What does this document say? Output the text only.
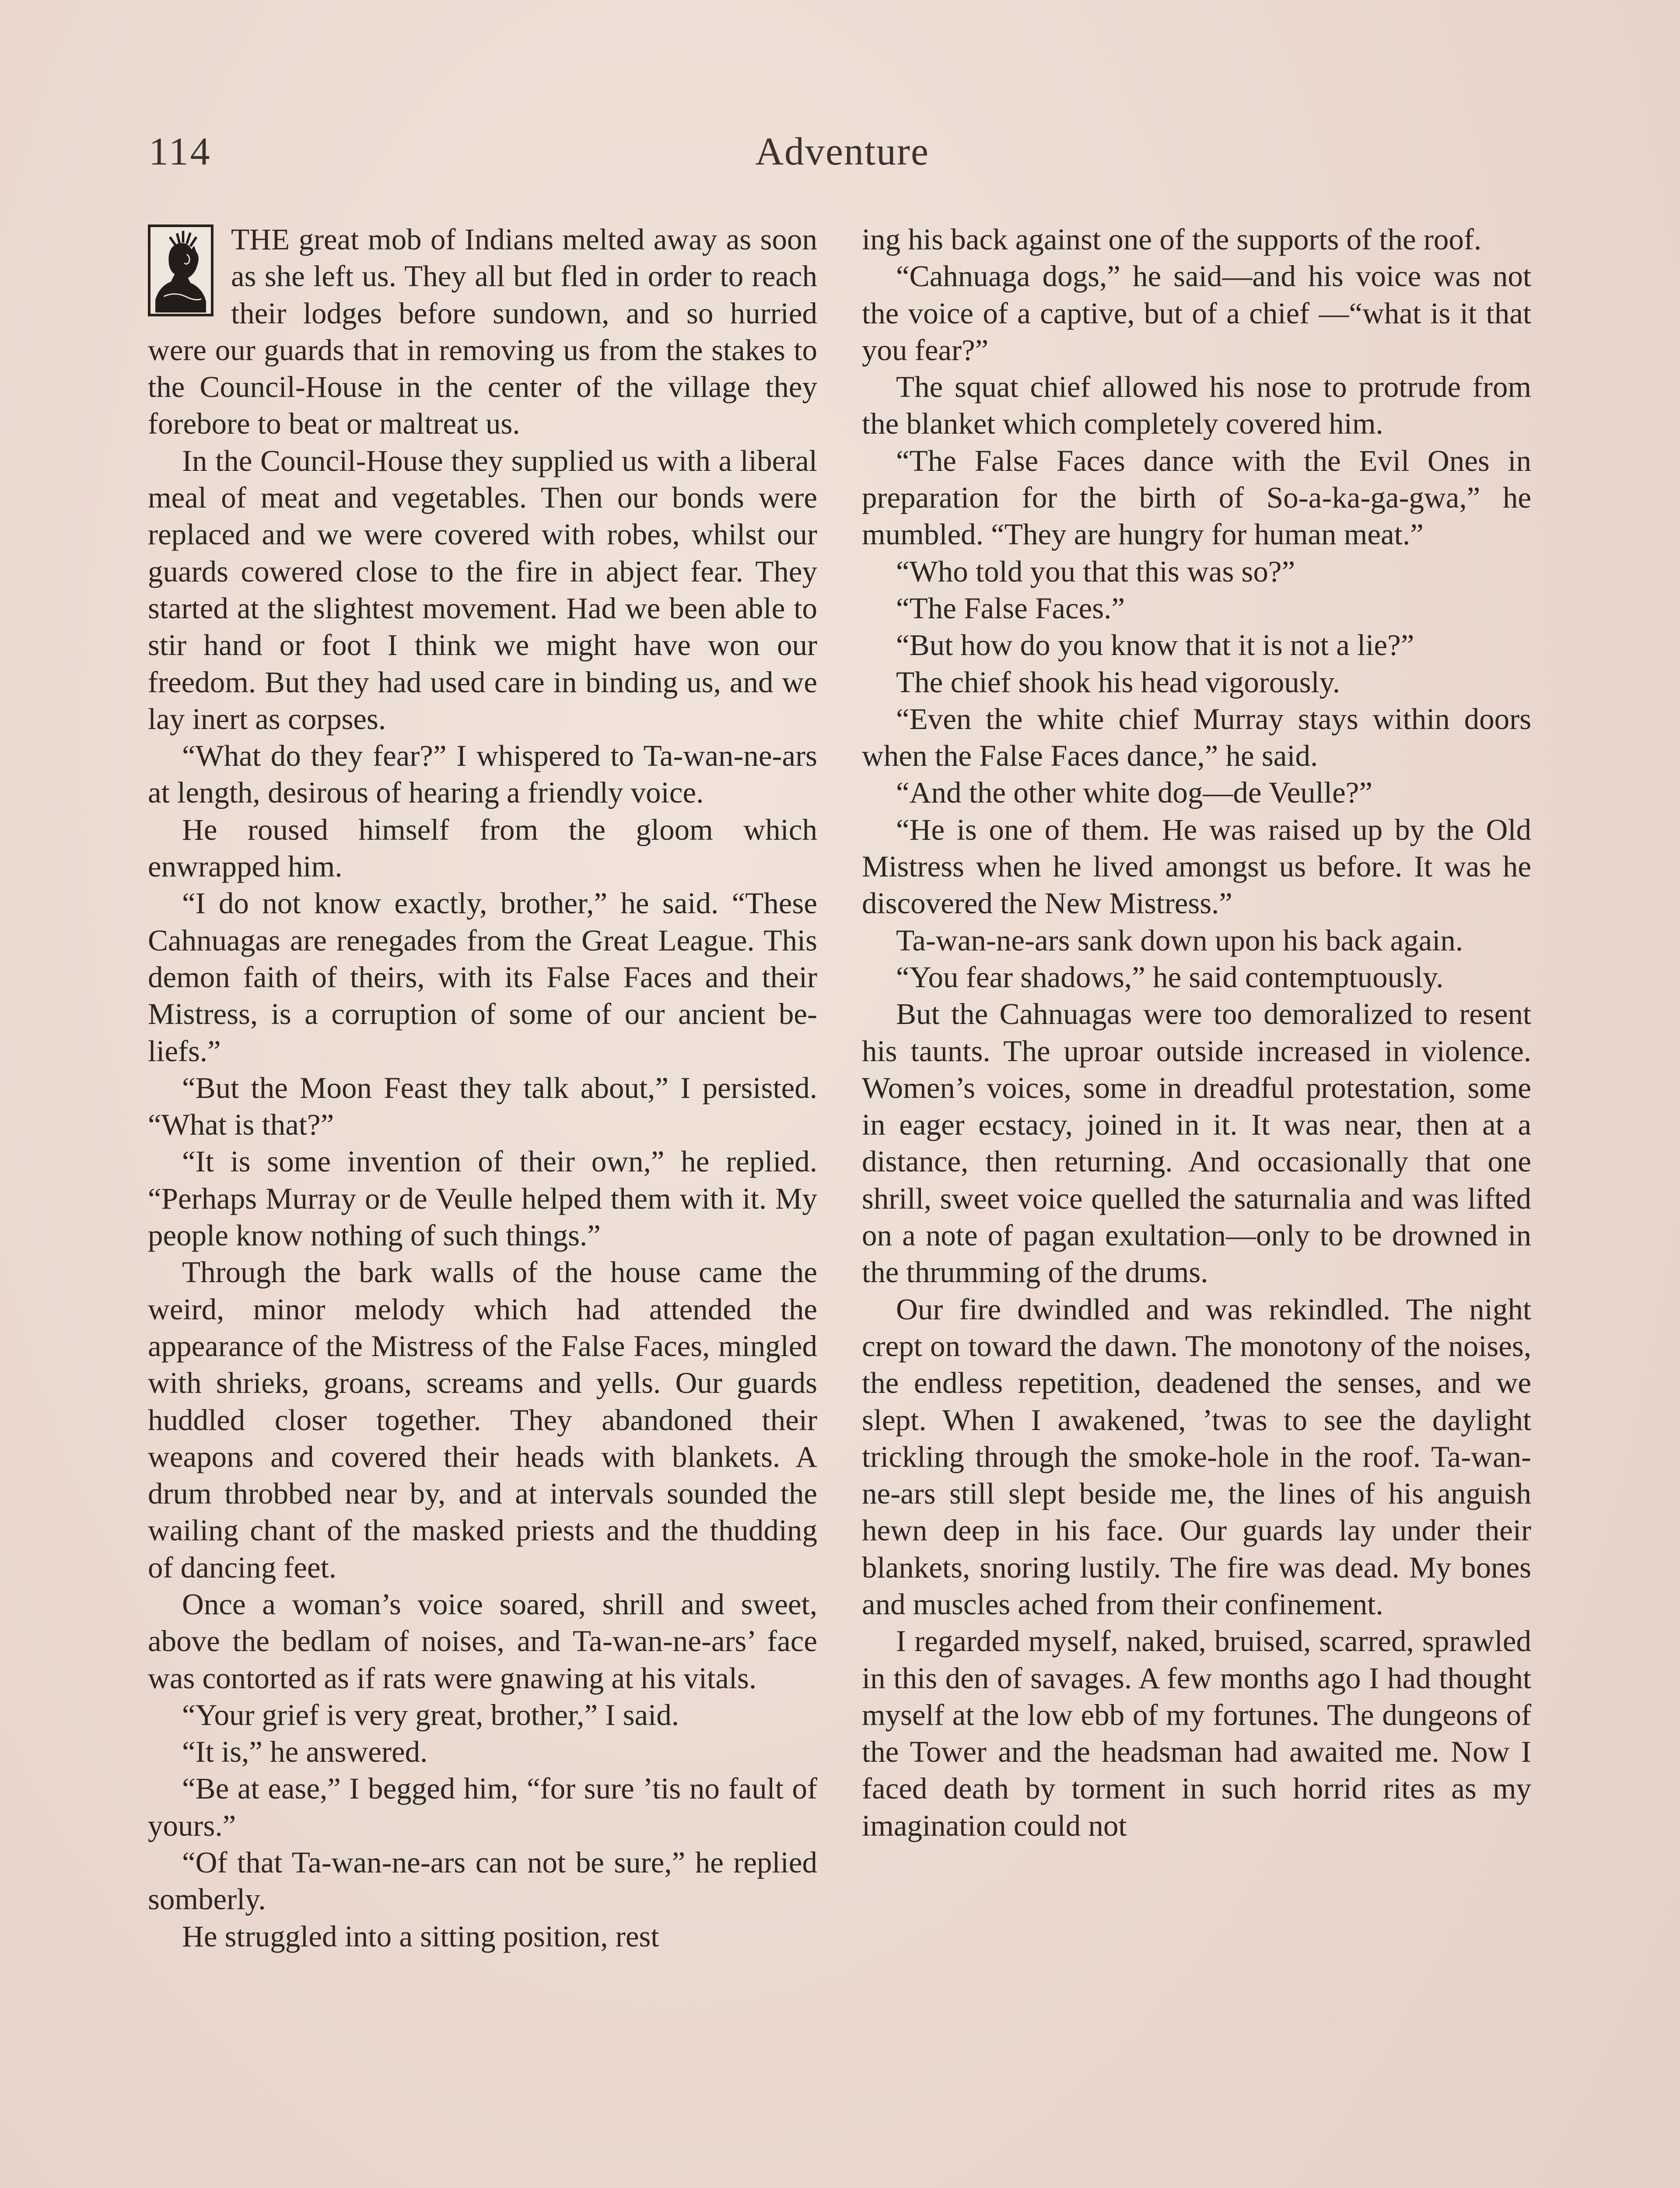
114	Adventure

THE great mob of Indians melted away as soon as she left us. They all but fled in order to reach their lodges before sundown, and so hurried were our guards that in removing us from the stakes to the Council-House in the center of the village they forebore to beat or maltreat us.

In the Council-House they supplied us with a liberal meal of meat and vegetables. Then our bonds were replaced and we were covered with robes, whilst our guards cowered close to the fire in abject fear. They started at the slightest movement. Had we been able to stir hand or foot I think we might have won our freedom. But they had used care in binding us, and we lay inert as corpses.

“What do they fear?” I whispered to Ta-wan-ne-ars at length, desirous of hearing a friendly voice.

He roused himself from the gloom which enwrapped him.

“I do not know exactly, brother,” he said. “These Cahnuagas are renegades from the Great League. This demon faith of theirs, with its False Faces and their Mistress, is a corruption of some of our ancient beliefs.”

“But the Moon Feast they talk about,” I persisted. “What is that?”

“It is some invention of their own,” he replied. “Perhaps Murray or de Veulle helped them with it. My people know nothing of such things.”

Through the bark walls of the house came the weird, minor melody which had attended the appearance of the Mistress of the False Faces, mingled with shrieks, groans, screams and yells. Our guards huddled closer together. They abandoned their weapons and covered their heads with blankets. A drum throbbed near by, and at intervals sounded the wailing chant of the masked priests and the thudding of dancing feet.

Once a woman’s voice soared, shrill and sweet, above the bedlam of noises, and Ta-wan-ne-ars’ face was contorted as if rats were gnawing at his vitals.

“Your grief is very great, brother,” I said.

“It is,” he answered.

“Be at ease,” I begged him, “for sure ’tis no fault of yours.”

“Of that Ta-wan-ne-ars can not be sure,” he replied somberly.

He struggled into a sitting position, rest

ing his back against one of the supports of the roof.

“Cahnuaga dogs,” he said—and his voice was not the voice of a captive, but of a chief —“what is it that you fear?”

The squat chief allowed his nose to protrude from the blanket which completely covered him.

“The False Faces dance with the Evil Ones in preparation for the birth of So-a-ka-ga-gwa,” he mumbled. “They are hungry for human meat.”

“Who told you that this was so?”

“The False Faces.”

“But how do you know that it is not a lie?”

The chief shook his head vigorously.

“Even the white chief Murray stays within doors when the False Faces dance,” he said.

“And the other white dog—de Veulle?”

“He is one of them. He was raised up by the Old Mistress when he lived amongst us before. It was he discovered the New Mistress.”

Ta-wan-ne-ars sank down upon his back again.

“You fear shadows,” he said contemptuously.

But the Cahnuagas were too demoralized to resent his taunts. The uproar outside increased in violence. Women’s voices, some in dreadful protestation, some in eager ecstacy, joined in it. It was near, then at a distance, then returning. And occasionally that one shrill, sweet voice quelled the saturnalia and was lifted on a note of pagan exultation—only to be drowned in the thrumming of the drums.

Our fire dwindled and was rekindled. The night crept on toward the dawn. The monotony of the noises, the endless repetition, deadened the senses, and we slept. When I awakened, ’twas to see the daylight trickling through the smoke-hole in the roof. Ta-wan-ne-ars still slept beside me, the lines of his anguish hewn deep in his face. Our guards lay under their blankets, snoring lustily. The fire was dead. My bones and muscles ached from their confinement.

I regarded myself, naked, bruised, scarred, sprawled in this den of savages. A few months ago I had thought myself at the low ebb of my fortunes. The dungeons of the Tower and the headsman had awaited me. Now I faced death by torment in such horrid rites as my imagination could not
